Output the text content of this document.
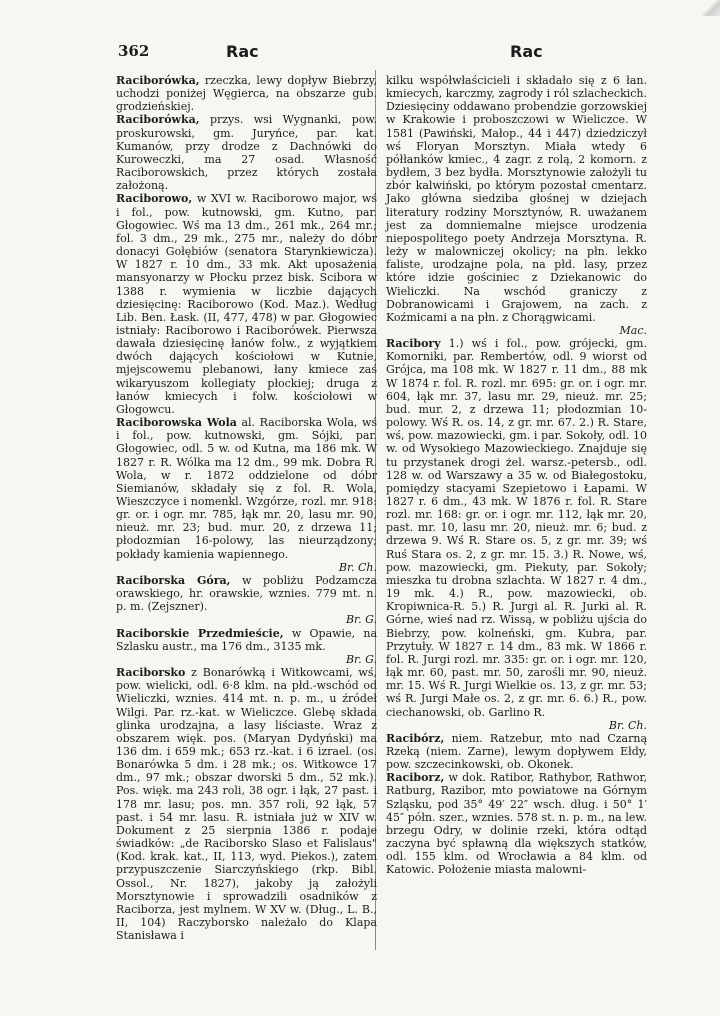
362	Rac	Rac

Raciborówka, rzeczka, lewy dopływ Biebrzy, uchodzi poniżej Węgierca, na obszarze gub. grodzieńskiej.

Raciborówka, przys. wsi Wygnanki, pow. proskurowski, gm. Juryńce, par. kat. Kumanów, przy drodze z Dachnówki do Kuroweczki, ma 27 osad. Własność Raciborowskich, przez których została założoną.

Raciborowo, w XVI w. Raciborowo major, wś i fol., pow. kutnowski, gm. Kutno, par. Głogowiec. Wś ma 13 dm., 261 mk., 264 mr.; fol. 3 dm., 29 mk., 275 mr., należy do dóbr donacyi Gołębiów (senatora Starynkiewicza). W 1827 r. 10 dm., 33 mk. Akt uposażenia mansyonarzy w Płocku przez bisk. Sciborа w 1388 r. wymienia w liczbie dających dziesięcinę: Raciborowo (Kod. Maz.). Według Lib. Ben. Łask. (II, 477, 478) w par. Głogowiec istniały: Raciborowo i Raciborówek. Pierwsza dawała dziesięcinę łanów folw., z wyjątkiem dwóch dających kościołowi w Kutnie, mjejscowemu plebanowi, łany kmiece zaś wikaryuszom kollegiaty płockiej; druga z łanów kmiecych i folw. kościołowi w Głogowcu.

Raciborowska Wola al. Raciborska Wola, wś i fol., pow. kutnowski, gm. Sójki, par. Głogowiec, odl. 5 w. od Kutna, ma 186 mk. W 1827 r. R. Wólka ma 12 dm., 99 mk. Dobra R. Wola, w r. 1872 oddzielone od dóbr Siemianów, składały się z fol. R. Wola, Wieszczyce i nomenkl. Wzgórze, rozl. mr. 918: gr. or. i ogr. mr. 785, łąk mr. 20, lasu mr. 90, nieuż. mr. 23; bud. mur. 20, z drzewa 11; płodozmian 16-polowy, las nieurządzony; pokłady kamienia wapiennego.
Br. Ch.

Raciborska Góra, w pobliżu Podzamcza orawskiego, hr. orawskie, wznies. 779 mt. n. p. m. (Zejszner).
Br. G.

Raciborskie Przedmieście, w Opawie, na Szlasku austr., ma 176 dm., 3135 mk.
Br. G.

Raciborsko z Bonarówką i Witkowcami, wś, pow. wielicki, odl. 6·8 klm. na płd.-wschód od Wieliczki, wznies. 414 mt. n. p. m., u źródeł Wilgi. Par. rz.-kat. w Wieliczce. Glebę składa glinka urodzajna, a lasy liściaste. Wraz z obszarem więk. pos. (Maryan Dydyński) ma 136 dm. i 659 mk.; 653 rz.-kat. i 6 izrael. (os. Bonarówka 5 dm. i 28 mk.; os. Witkowce 17 dm., 97 mk.; obszar dworski 5 dm., 52 mk.). Pos. więk. ma 243 roli, 38 ogr. i łąk, 27 past. i 178 mr. lasu; pos. mn. 357 roli, 92 łąk, 57 past. i 54 mr. lasu. R. istniała już w XIV w. Dokument z 25 sierpnia 1386 r. podaje świadków: „de Raciborsko Slaso et Falislaus" (Kod. krak. kat., II, 113, wyd. Piekos.), zatem przypuszczenie Siarczyńskiego (rkp. Bibl. Ossol., Nr. 1827), jakoby ją założyli Morsztynowie i sprowadzili osadników z Raciborza, jest mylnem. W XV w. (Dług., L. B., II, 104) Raczyborsko należało do Klapa Stanisława i

kilku współwłaścicieli i składało się z 6 łan. kmiecych, karczmy, zagrody i ról szlacheckich. Dziesięciny oddawano probendzie gorzowskiej w Krakowie i proboszczowi w Wieliczce. W 1581 (Pawiński, Małop., 44 i 447) dziedziczył wś Floryan Morsztyn. Miała wtedy 6 półłanków kmiec., 4 zagr. z rolą, 2 komorn. z bydłem, 3 bez bydła. Morsztynowie założyli tu zbór kalwiński, po którym pozostał cmentarz. Jako główna siedziba głośnej w dziejach literatury rodziny Morsztynów, R. uważanem jest za domniemalne miejsce urodzenia niepospolitego poety Andrzeja Morsztyna. R. leży w malowniczej okolicy; na płn. lekko faliste, urodzajne pola, na płd. lasy, przez które idzie gościniec z Dziekanowic do Wieliczki. Na wschód graniczy z Dobranowicami i Grajowem, na zach. z Koźmicami a na płn. z Chorągwicami.
Mac.

Racibory 1.) wś i fol., pow. grójecki, gm. Komorniki, par. Rembertów, odl. 9 wiorst od Grójca, ma 108 mk. W 1827 r. 11 dm., 88 mk W 1874 r. fol. R. rozl. mr. 695: gr. or. i ogr. mr. 604, łąk mr. 37, lasu mr. 29, nieuż. mr. 25; bud. mur. 2, z drzewa 11; płodozmian 10-polowy. Wś R. os. 14, z gr. mr. 67. 2.) R. Stare, wś, pow. mazowiecki, gm. i par. Sokoły, odl. 10 w. od Wysokiego Mazowieckiego. Znajduje się tu przystanek drogi żel. warsz.-petersb., odl. 128 w. od Warszawy a 35 w. od Białegostoku, pomiędzy stacyami Szepietowo i Łapami. W 1827 r. 6 dm., 43 mk. W 1876 r. fol. R. Stare rozl. mr. 168: gr. or. i ogr. mr. 112, łąk mr. 20, past. mr. 10, lasu mr. 20, nieuż. mr. 6; bud. z drzewa 9. Wś R. Stare os. 5, z gr. mr. 39; wś Ruś Stara os. 2, z gr. mr. 15. 3.) R. Nowe, wś, pow. mazowiecki, gm. Piekuty, par. Sokoły; mieszka tu drobna szlachta. W 1827 r. 4 dm., 19 mk. 4.) R., pow. mazowiecki, ob. Kropiwnica-R. 5.) R. Jurgi al. R. Jurki al. R. Górne, wieś nad rz. Wissą, w pobliżu ujścia do Biebrzy, pow. kolneński, gm. Kubra, par. Przytuły. W 1827 r. 14 dm., 83 mk. W 1866 r. fol. R. Jurgi rozl. mr. 335: gr. or. i ogr. mr. 120, łąk mr. 60, past. mr. 50, zarośli mr. 90, nieuż. mr. 15. Wś R. Jurgi Wielkie os. 13, z gr. mr. 53; wś R. Jurgi Małe os. 2, z gr. mr. 6. 6.) R., pow. ciechanowski, ob. Garlino R.
Br. Ch.

Racibórz, niem. Ratzebur, mto nad Czarną Rzeką (niem. Zarne), lewym dopływem Ełdy, pow. szczecinkowski, ob. Okonek.

Raciborz, w dok. Ratibor, Rathybor, Rathwor, Ratburg, Razibor, mto powiatowe na Górnym Szląsku, pod 35° 49′ 22″ wsch. dług. i 50° 1′ 45″ półn. szer., wznies. 578 st. n. p. m., na lew. brzegu Odry, w dolinie rzeki, która odtąd zaczyna być spławną dla większych statków, odl. 155 klm. od Wrocławia a 84 klm. od Katowic. Położenie miasta malowni-
